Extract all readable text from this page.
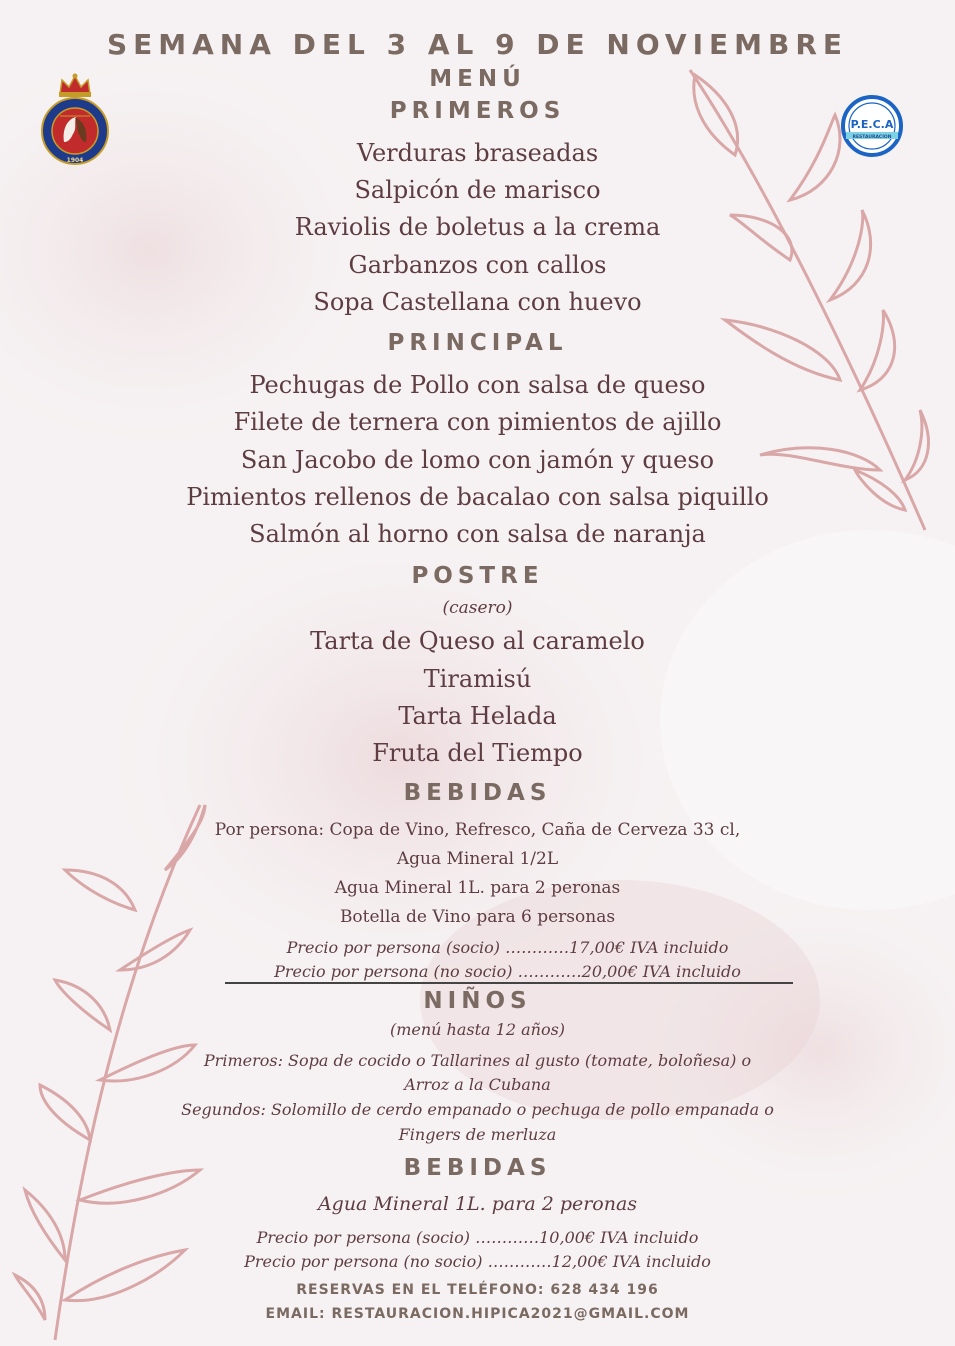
1904
P.E.C.A
RESTAURACION
SEMANA DEL 3 AL 9 DE NOVIEMBRE
MENÚ
PRIMEROS
Verduras braseadas
Salpicón de marisco
Raviolis de boletus a la crema
Garbanzos con callos
Sopa Castellana con huevo
PRINCIPAL
Pechugas de Pollo con salsa de queso
Filete de ternera con pimientos de ajillo
San Jacobo de lomo con jamón y queso
Pimientos rellenos de bacalao con salsa piquillo
Salmón al horno con salsa de naranja
POSTRE
(casero)
Tarta de Queso al caramelo
Tiramisú
Tarta Helada
Fruta del Tiempo
BEBIDAS
Por persona: Copa de Vino, Refresco, Caña de Cerveza 33 cl,
Agua Mineral 1/2L
Agua Mineral 1L. para 2 peronas
Botella de Vino para 6 personas
Precio por persona (socio) …………17,00€ IVA incluido
Precio por persona (no socio) …………20,00€ IVA incluido
NIÑOS
(menú hasta 12 años)
Primeros: Sopa de cocido o Tallarines al gusto (tomate, boloñesa) o
Arroz a la Cubana
Segundos: Solomillo de cerdo empanado o pechuga de pollo empanada o
Fingers de merluza
BEBIDAS
Agua Mineral 1L. para 2 peronas
Precio por persona (socio) …………10,00€ IVA incluido
Precio por persona (no socio) …………12,00€ IVA incluido
RESERVAS EN EL TELÉFONO: 628 434 196
EMAIL: RESTAURACION.HIPICA2021@GMAIL.COM
